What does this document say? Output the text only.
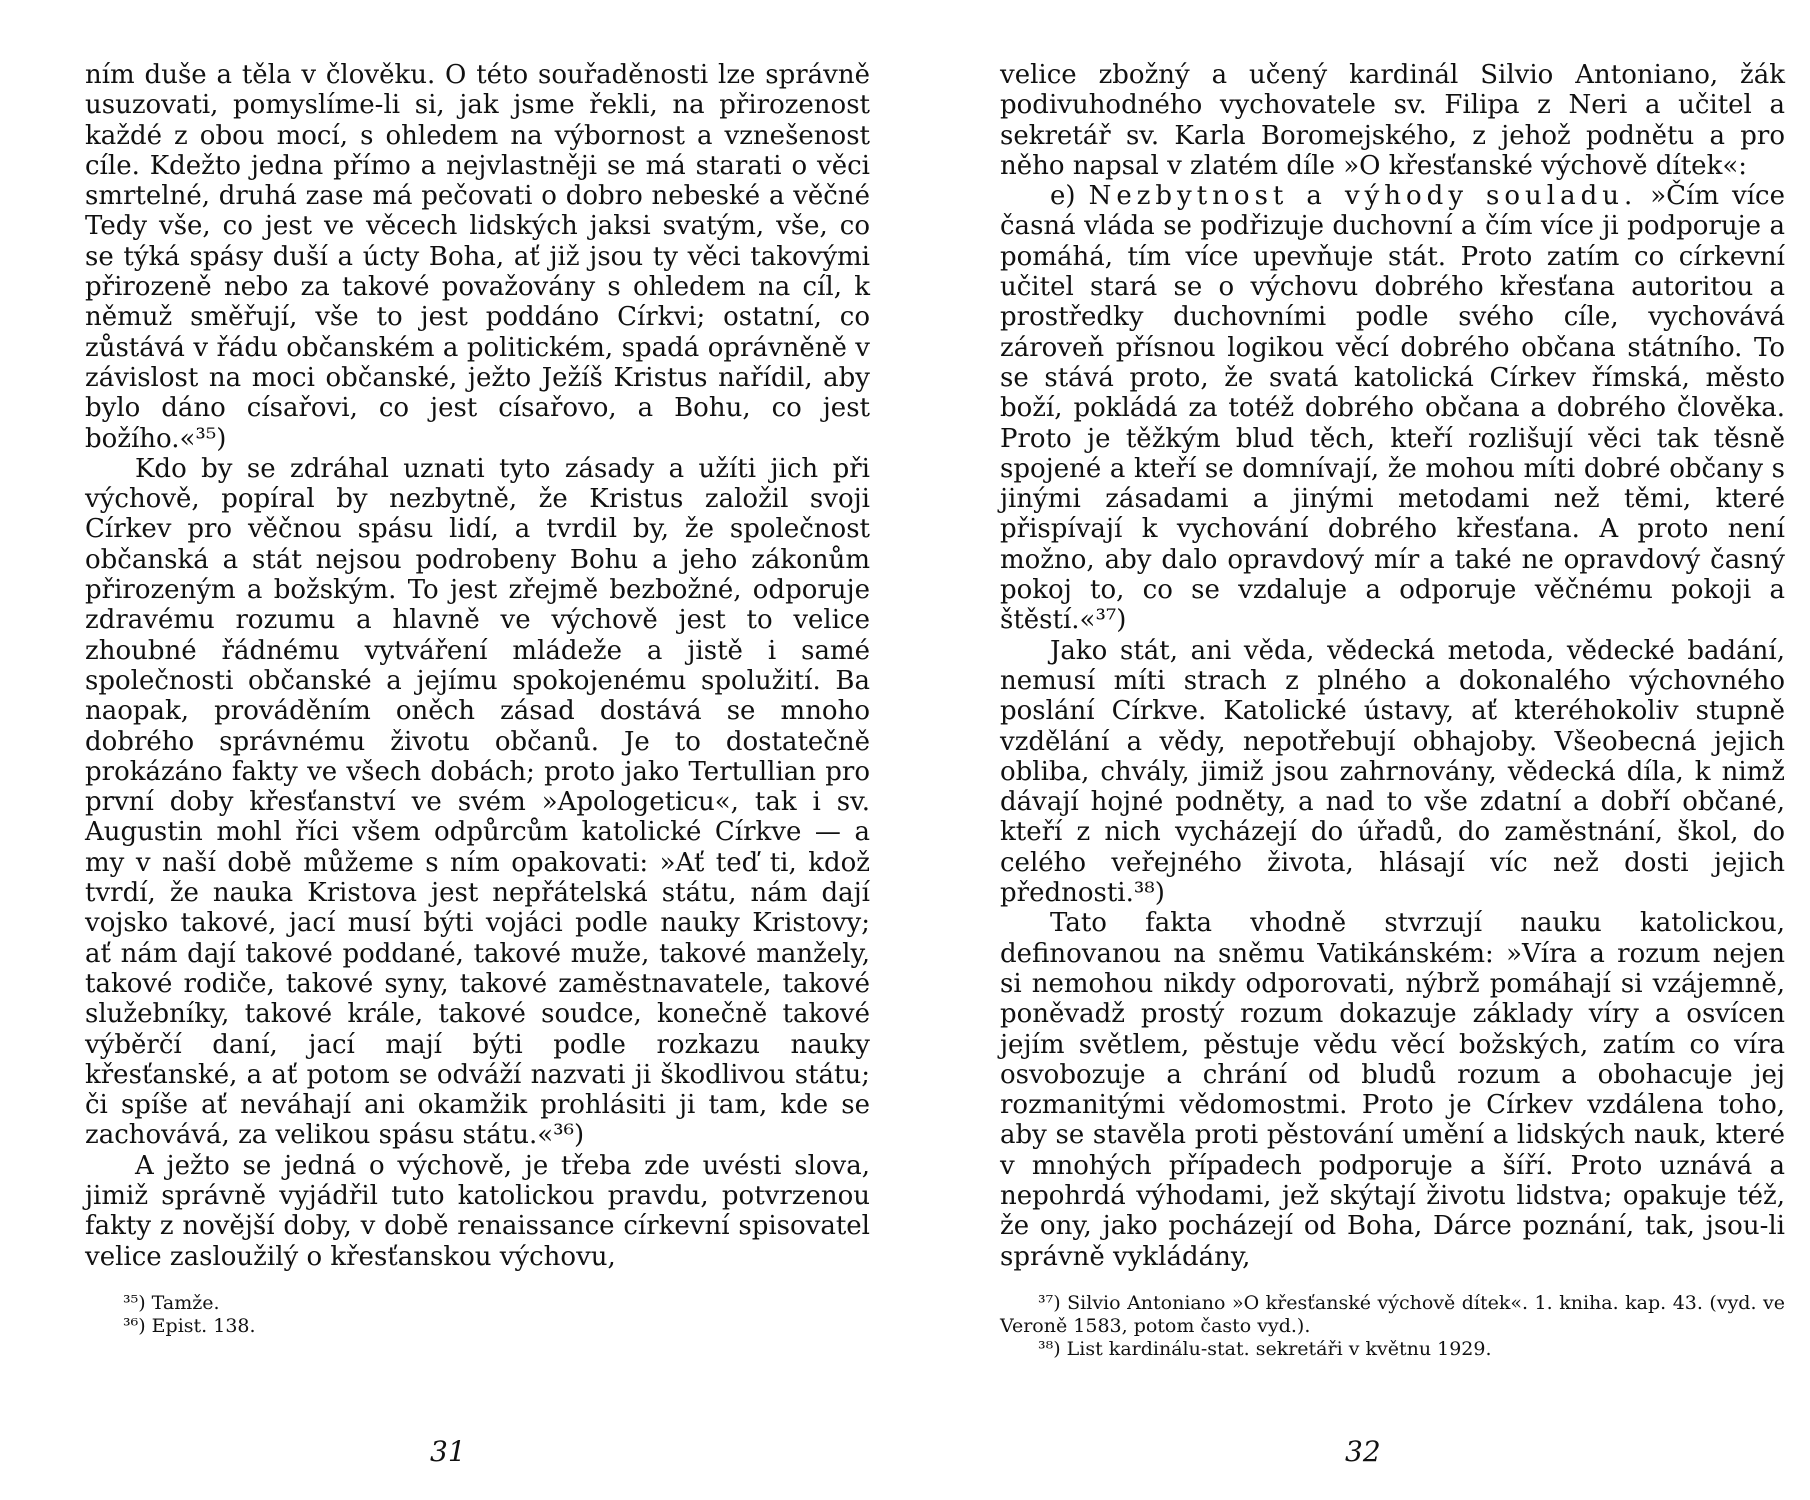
ním duše a těla v člověku. O této souřaděnosti lze správně usuzovati, pomyslíme-li si, jak jsme řekli, na přirozenost každé z obou mocí, s ohledem na výbornost a vznešenost cíle. Kdežto jedna přímo a nejvlastněji se má starati o věci smrtelné, druhá zase má pečovati o dobro nebeské a věčné Tedy vše, co jest ve věcech lidských jaksi svatým, vše, co se týká spásy duší a úcty Boha, ať již jsou ty věci takovými přirozeně nebo za takové považovány s ohledem na cíl, k němuž směřují, vše to jest poddáno Církvi; ostatní, co zůstává v řádu občanském a politickém, spadá oprávněně v závislost na moci občanské, ježto Ježíš Kristus nařídil, aby bylo dáno císařovi, co jest císařovo, a Bohu, co jest božího.«³⁵)

Kdo by se zdráhal uznati tyto zásady a užíti jich při výchově, popíral by nezbytně, že Kristus založil svoji Církev pro věčnou spásu lidí, a tvrdil by, že společnost občanská a stát nejsou podrobeny Bohu a jeho zákonům přirozeným a božským. To jest zřejmě bezbožné, odporuje zdravému rozumu a hlavně ve výchově jest to velice zhoubné řádnému vytváření mládeže a jistě i samé společnosti občanské a jejímu spokojenému spolužití. Ba naopak, prováděním oněch zásad dostává se mnoho dobrého správnému životu občanů. Je to dostatečně prokázáno fakty ve všech dobách; proto jako Tertullian pro první doby křesťanství ve svém »Apologeticu«, tak i sv. Augustin mohl říci všem odpůrcům katolické Církve — a my v naší době můžeme s ním opakovati: »Ať teď ti, kdož tvrdí, že nauka Kristova jest nepřátelská státu, nám dají vojsko takové, jací musí býti vojáci podle nauky Kristovy; ať nám dají takové poddané, takové muže, takové manžely, takové rodiče, takové syny, takové zaměstnavatele, takové služebníky, takové krále, takové soudce, konečně takové výběrčí daní, jací mají býti podle rozkazu nauky křesťanské, a ať potom se odváží nazvati ji škodlivou státu; či spíše ať neváhají ani okamžik prohlásiti ji tam, kde se zachovává, za velikou spásu státu.«³⁶)

A ježto se jedná o výchově, je třeba zde uvésti slova, jimiž správně vyjádřil tuto katolickou pravdu, potvrzenou fakty z novější doby, v době renaissance církevní spisovatel velice zasloužilý o křesťanskou výchovu,

³⁵) Tamže.

³⁶) Epist. 138.

31

velice zbožný a učený kardinál Silvio Antoniano, žák podivuhodného vychovatele sv. Filipa z Neri a učitel a sekretář sv. Karla Boromejského, z jehož podnětu a pro něho napsal v zlatém díle »O křesťanské výchově dítek«:

e) Nezbytnost a výhody souladu. »Čím více časná vláda se podřizuje duchovní a čím více ji podporuje a pomáhá, tím více upevňuje stát. Proto zatím co církevní učitel stará se o výchovu dobrého křesťana autoritou a prostředky duchovními podle svého cíle, vychovává zároveň přísnou logikou věcí dobrého občana státního. To se stává proto, že svatá katolická Církev římská, město boží, pokládá za totéž dobrého občana a dobrého člověka. Proto je těžkým blud těch, kteří rozlišují věci tak těsně spojené a kteří se domnívají, že mohou míti dobré občany s jinými zásadami a jinými metodami než těmi, které přispívají k vychování dobrého křesťana. A proto není možno, aby dalo opravdový mír a také ne opravdový časný pokoj to, co se vzdaluje a odporuje věčnému pokoji a štěstí.«³⁷)

Jako stát, ani věda, vědecká metoda, vědecké badání, nemusí míti strach z plného a dokonalého výchovného poslání Církve. Katolické ústavy, ať kteréhokoliv stupně vzdělání a vědy, nepotřebují obhajoby. Všeobecná jejich obliba, chvály, jimiž jsou zahrnovány, vědecká díla, k nimž dávají hojné podněty, a nad to vše zdatní a dobří občané, kteří z nich vycházejí do úřadů, do zaměstnání, škol, do celého veřejného života, hlásají víc než dosti jejich přednosti.³⁸)

Tato fakta vhodně stvrzují nauku katolickou, definovanou na sněmu Vatikánském: »Víra a rozum nejen si nemohou nikdy odporovati, nýbrž pomáhají si vzájemně, poněvadž prostý rozum dokazuje základy víry a osvícen jejím světlem, pěstuje vědu věcí božských, zatím co víra osvobozuje a chrání od bludů rozum a obohacuje jej rozmanitými vědomostmi. Proto je Církev vzdálena toho, aby se stavěla proti pěstování umění a lidských nauk, které v mnohých případech podporuje a šíří. Proto uznává a nepohrdá výhodami, jež skýtají životu lidstva; opakuje též, že ony, jako pocházejí od Boha, Dárce poznání, tak, jsou-li správně vykládány,

³⁷) Silvio Antoniano »O křesťanské výchově dítek«. 1. kniha. kap. 43. (vyd. ve Veroně 1583, potom často vyd.).

³⁸) List kardinálu-stat. sekretáři v květnu 1929.

32
